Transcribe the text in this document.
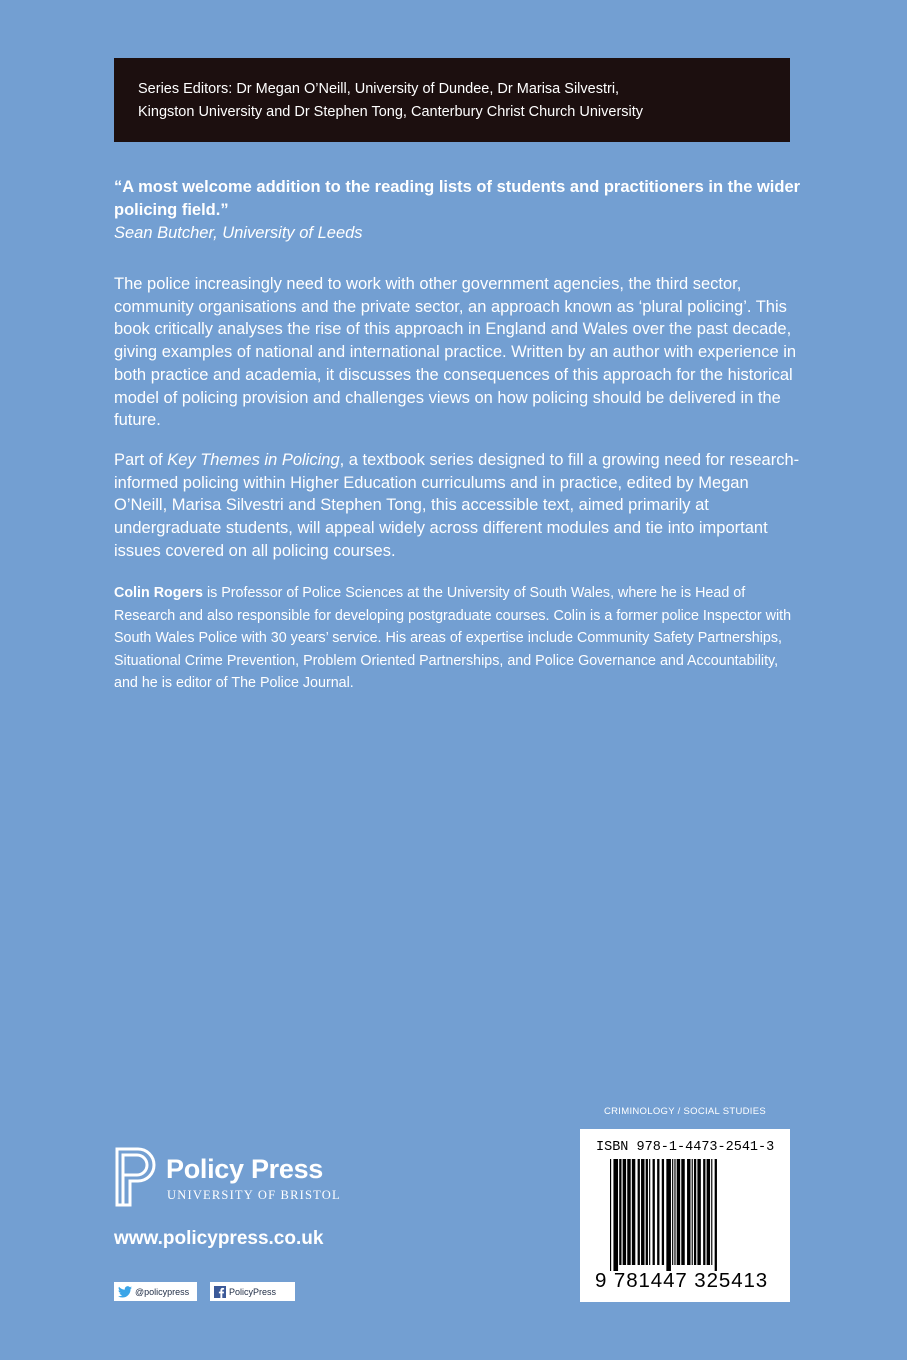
Series Editors: Dr Megan O’Neill, University of Dundee, Dr Marisa Silvestri,

Kingston University and Dr Stephen Tong, Canterbury Christ Church University

“A most welcome addition to the reading lists of students and practitioners in the wider policing field.”

Sean Butcher, University of Leeds

The police increasingly need to work with other government agencies, the third sector, community organisations and the private sector, an approach known as ‘plural policing’. This book critically analyses the rise of this approach in England and Wales over the past decade, giving examples of national and international practice. Written by an author with experience in both practice and academia, it discusses the consequences of this approach for the historical model of policing provision and challenges views on how policing should be delivered in the future.

Part of Key Themes in Policing, a textbook series designed to fill a growing need for research-informed policing within Higher Education curriculums and in practice, edited by Megan O’Neill, Marisa Silvestri and Stephen Tong, this accessible text, aimed primarily at undergraduate students, will appeal widely across different modules and tie into important issues covered on all policing courses.

Colin Rogers is Professor of Police Sciences at the University of South Wales, where he is Head of Research and also responsible for developing postgraduate courses. Colin is a former police Inspector with South Wales Police with 30 years’ service. His areas of expertise include Community Safety Partnerships, Situational Crime Prevention, Problem Oriented Partnerships, and Police Governance and Accountability, and he is editor of The Police Journal.

Policy Press
UNIVERSITY OF BRISTOL
www.policypress.co.uk
@policypress	PolicyPress
CRIMINOLOGY / SOCIAL STUDIES
ISBN 978-1-4473-2541-3
9 781447 325413
